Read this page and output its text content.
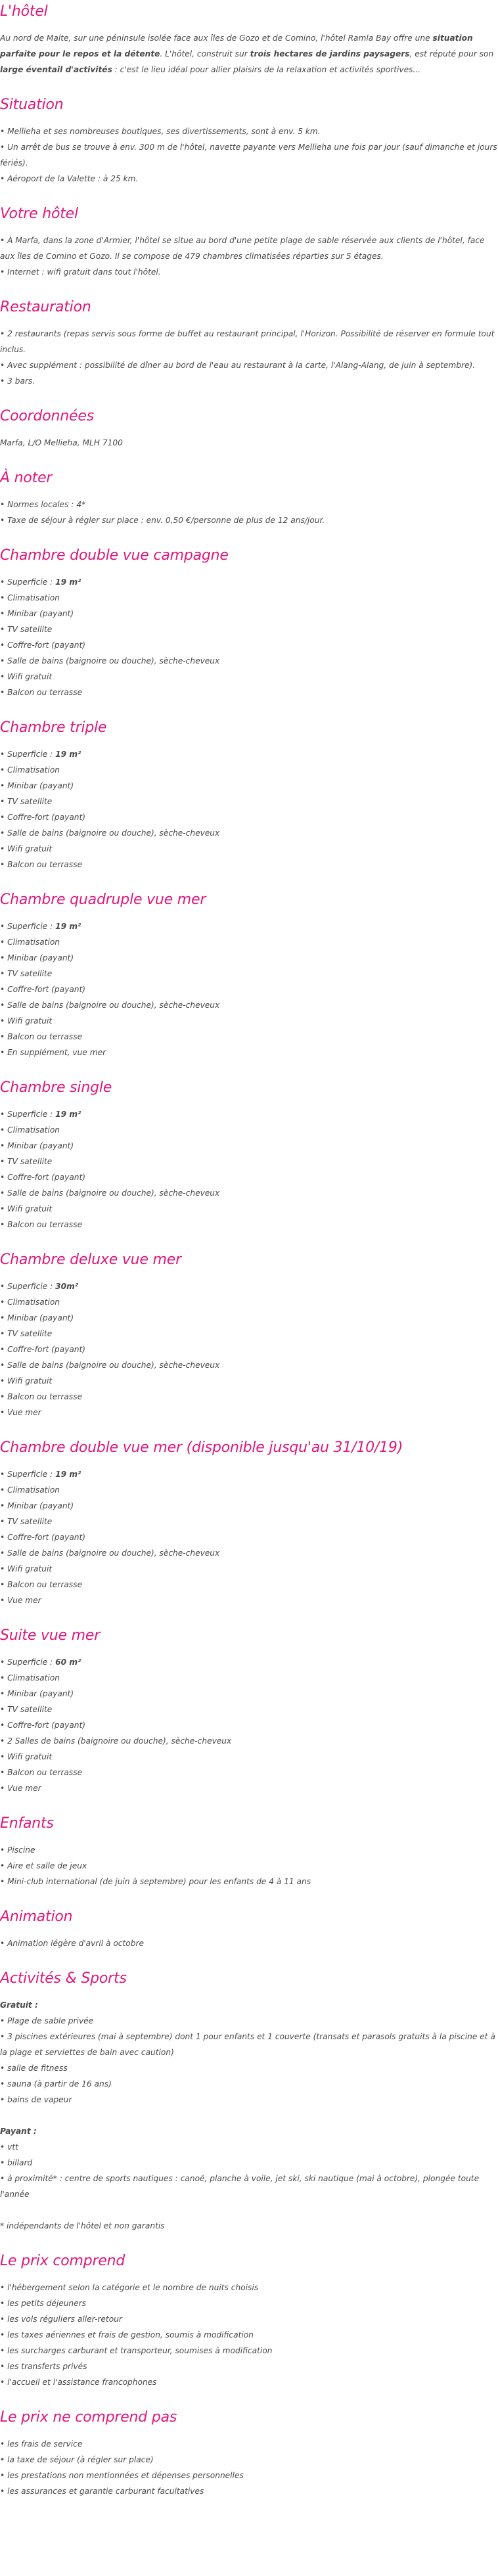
L'hôtel

Au nord de Malte, sur une péninsule isolée face aux îles de Gozo et de Comino, l'hôtel Ramla Bay offre une situation parfaite pour le repos et la détente. L'hôtel, construit sur trois hectares de jardins paysagers, est réputé pour son large éventail d'activités : c'est le lieu idéal pour allier plaisirs de la relaxation et activités sportives...

Situation
• Mellieha et ses nombreuses boutiques, ses divertissements, sont à env. 5 km.
• Un arrêt de bus se trouve à env. 300 m de l'hôtel, navette payante vers Mellieha une fois par jour (sauf dimanche et jours fériés).
• Aéroport de la Valette : à 25 km.
Votre hôtel
• À Marfa, dans la zone d'Armier, l'hôtel se situe au bord d'une petite plage de sable réservée aux clients de l'hôtel, face aux îles de Comino et Gozo. Il se compose de 479 chambres climatisées réparties sur 5 étages.
• Internet : wifi gratuit dans tout l'hôtel.
Restauration
• 2 restaurants (repas servis sous forme de buffet au restaurant principal, l'Horizon. Possibilité de réserver en formule tout inclus.
• Avec supplément : possibilité de dîner au bord de l'eau au restaurant à la carte, l'Alang-Alang, de juin à septembre).
• 3 bars.
Coordonnées

Marfa, L/O Mellieha, MLH 7100

À noter
• Normes locales : 4*
• Taxe de séjour à régler sur place : env. 0,50 €/personne de plus de 12 ans/jour.
Chambre double vue campagne
• Superficie : 19 m²
• Climatisation
• Minibar (payant)
• TV satellite
• Coffre-fort (payant)
• Salle de bains (baignoire ou douche), sèche-cheveux
• Wifi gratuit
• Balcon ou terrasse
Chambre triple
• Superficie : 19 m²
• Climatisation
• Minibar (payant)
• TV satellite
• Coffre-fort (payant)
• Salle de bains (baignoire ou douche), sèche-cheveux
• Wifi gratuit
• Balcon ou terrasse
Chambre quadruple vue mer
• Superficie : 19 m²
• Climatisation
• Minibar (payant)
• TV satellite
• Coffre-fort (payant)
• Salle de bains (baignoire ou douche), sèche-cheveux
• Wifi gratuit
• Balcon ou terrasse
• En supplément, vue mer
Chambre single
• Superficie : 19 m²
• Climatisation
• Minibar (payant)
• TV satellite
• Coffre-fort (payant)
• Salle de bains (baignoire ou douche), sèche-cheveux
• Wifi gratuit
• Balcon ou terrasse
Chambre deluxe vue mer
• Superficie : 30m²
• Climatisation
• Minibar (payant)
• TV satellite
• Coffre-fort (payant)
• Salle de bains (baignoire ou douche), sèche-cheveux
• Wifi gratuit
• Balcon ou terrasse
• Vue mer
Chambre double vue mer (disponible jusqu'au 31/10/19)
• Superficie : 19 m²
• Climatisation
• Minibar (payant)
• TV satellite
• Coffre-fort (payant)
• Salle de bains (baignoire ou douche), sèche-cheveux
• Wifi gratuit
• Balcon ou terrasse
• Vue mer
Suite vue mer
• Superficie : 60 m²
• Climatisation
• Minibar (payant)
• TV satellite
• Coffre-fort (payant)
• 2 Salles de bains (baignoire ou douche), sèche-cheveux
• Wifi gratuit
• Balcon ou terrasse
• Vue mer
Enfants
• Piscine
• Aire et salle de jeux
• Mini-club international (de juin à septembre) pour les enfants de 4 à 11 ans
Animation
• Animation légère d'avril à octobre
Activités & Sports

Gratuit :

• Plage de sable privée
• 3 piscines extérieures (mai à septembre) dont 1 pour enfants et 1 couverte (transats et parasols gratuits à la piscine et à la plage et serviettes de bain avec caution)
• salle de fitness
• sauna (à partir de 16 ans)
• bains de vapeur

Payant :

• vtt
• billard
• à proximité* : centre de sports nautiques : canoë, planche à voile, jet ski, ski nautique (mai à octobre), plongée toute l'année

* indépendants de l'hôtel et non garantis

Le prix comprend
• l'hébergement selon la catégorie et le nombre de nuits choisis
• les petits déjeuners
• les vols réguliers aller-retour
• les taxes aériennes et frais de gestion, soumis à modification
• les surcharges carburant et transporteur, soumises à modification
• les transferts privés
• l'accueil et l'assistance francophones
Le prix ne comprend pas
• les frais de service
• la taxe de séjour (à régler sur place)
• les prestations non mentionnées et dépenses personnelles
• les assurances et garantie carburant facultatives
